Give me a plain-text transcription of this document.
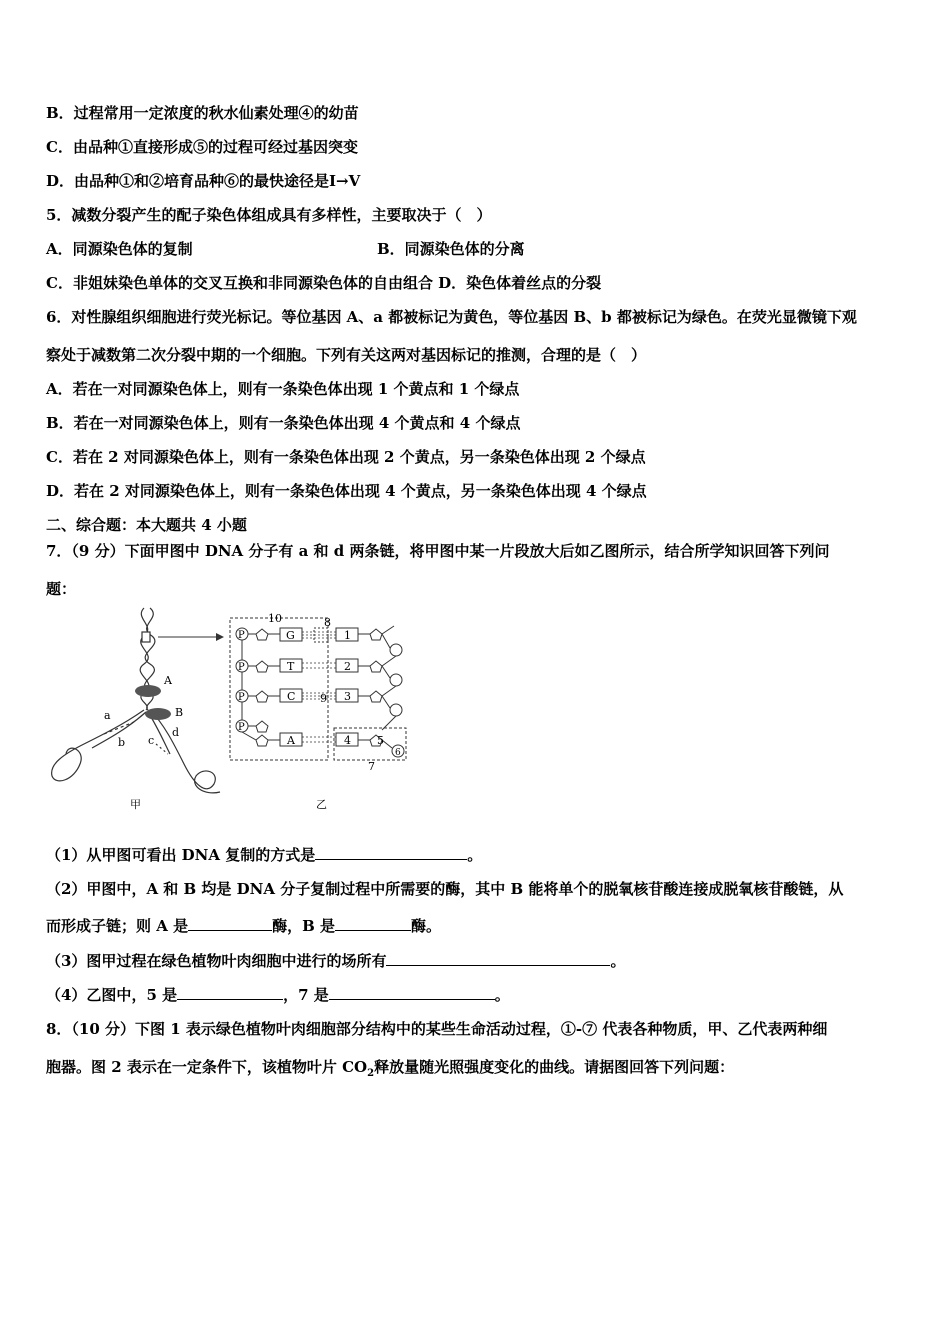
B．过程常用一定浓度的秋水仙素处理④的幼苗
C．由品种①直接形成⑤的过程可经过基因突变
D．由品种①和②培育品种⑥的最快途径是Ⅰ→Ⅴ
5．减数分裂产生的配子染色体组成具有多样性，主要取决于（　）
A．同源染色体的复制	B．同源染色体的分离
C．非姐妹染色单体的交叉互换和非同源染色体的自由组合 D．染色体着丝点的分裂
6．对性腺组织细胞进行荧光标记。等位基因 A、a 都被标记为黄色，等位基因 B、b 都被标记为绿色。在荧光显微镜下观
察处于减数第二次分裂中期的一个细胞。下列有关这两对基因标记的推测，合理的是（　）
A．若在一对同源染色体上，则有一条染色体出现 1 个黄点和 1 个绿点
B．若在一对同源染色体上，则有一条染色体出现 4 个黄点和 4 个绿点
C．若在 2 对同源染色体上，则有一条染色体出现 2 个黄点，另一条染色体出现 2 个绿点
D．若在 2 对同源染色体上，则有一条染色体出现 4 个黄点，另一条染色体出现 4 个绿点
二、综合题：本大题共 4 小题
7．（9 分）下面甲图中 DNA 分子有 a 和 d 两条链，将甲图中某一片段放大后如乙图所示，结合所学知识回答下列问
题：
A
B
a
b c
d
甲
10
P
P
P
P
G
T
C
A
8
9
1
2
3
4 5
6
7
乙
（1）从甲图可看出 DNA 复制的方式是	。
（2）甲图中，A 和 B 均是 DNA 分子复制过程中所需要的酶，其中 B 能将单个的脱氧核苷酸连接成脱氧核苷酸链，从
而形成子链；则 A 是	酶，B 是	酶。
（3）图甲过程在绿色植物叶肉细胞中进行的场所有	。
（4）乙图中，5 是	，7 是	。
8．（10 分）下图 1 表示绿色植物叶肉细胞部分结构中的某些生命活动过程，①-⑦ 代表各种物质，甲、乙代表两种细
胞器。图 2 表示在一定条件下，该植物叶片 $CO_2$释放量随光照强度变化的曲线。请据图回答下列问题：
